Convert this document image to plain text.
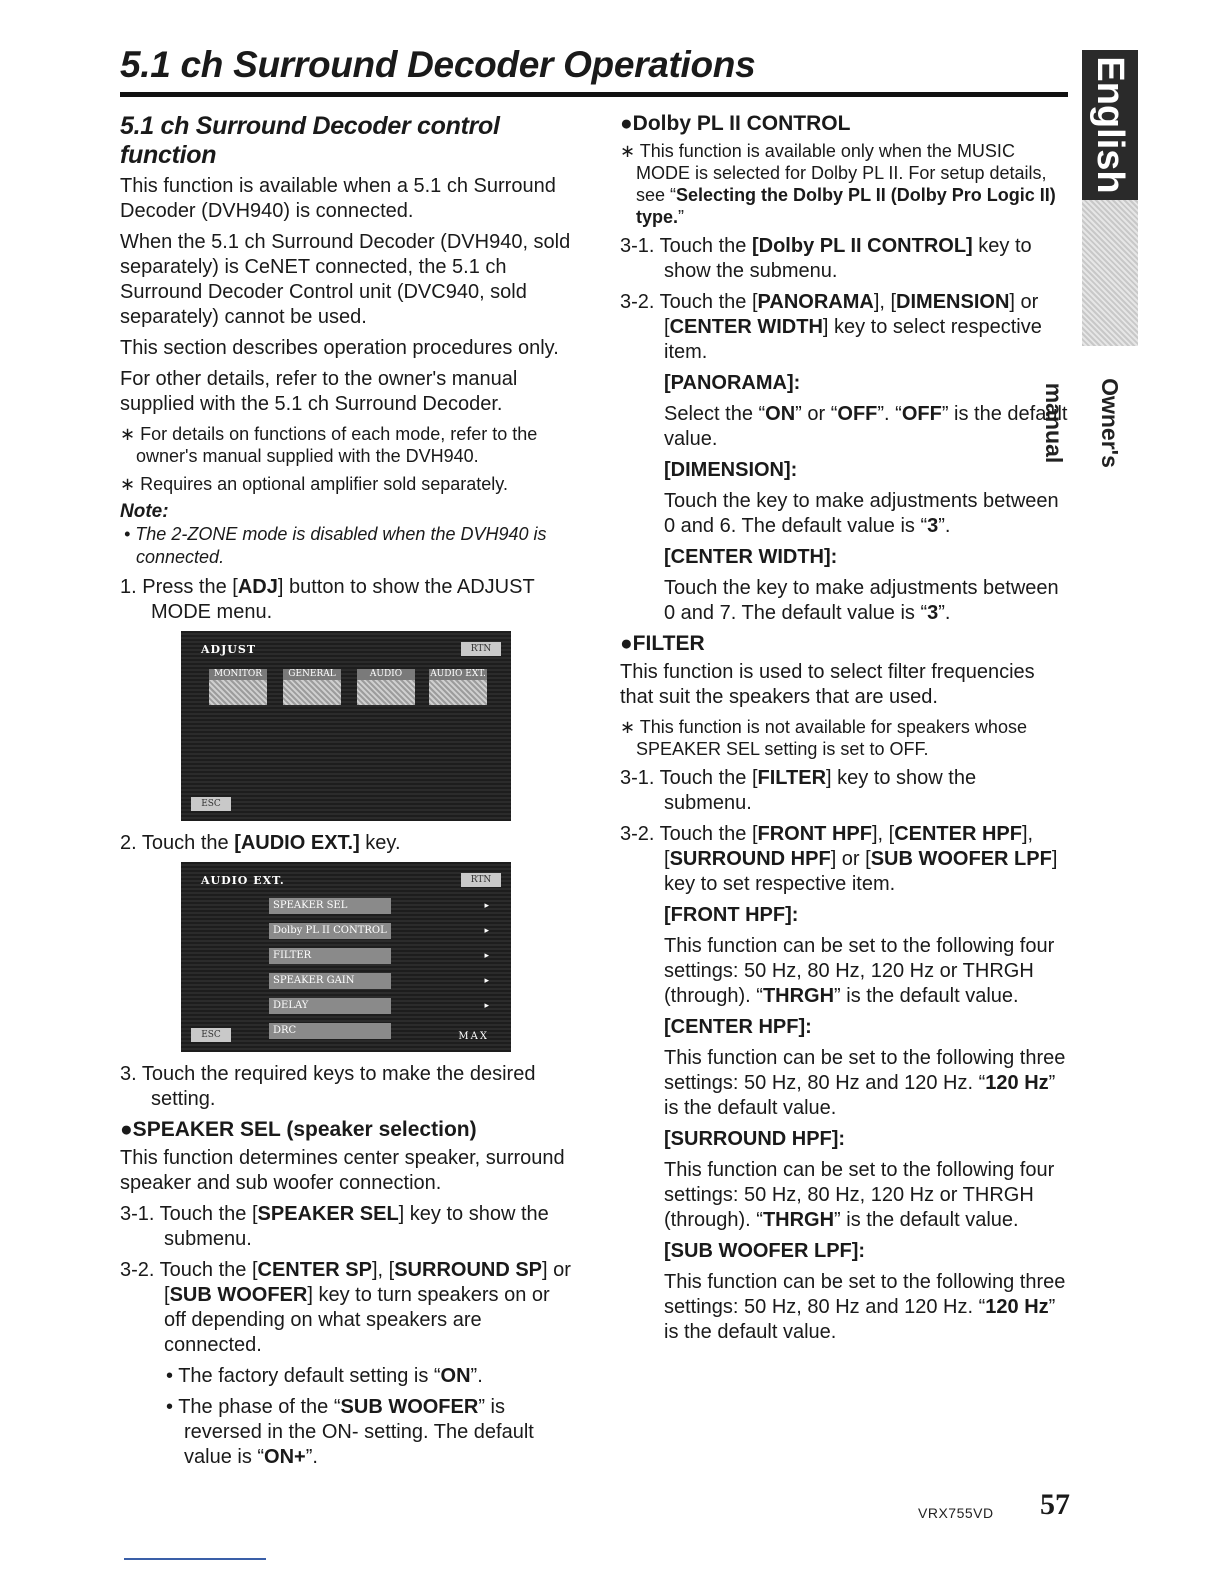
5.1 ch Surround Decoder Operations	English
Owner's manual
5.1 ch Surround Decoder control function
This function is available when a 5.1 ch Surround Decoder (DVH940) is connected.
When the 5.1 ch Surround Decoder (DVH940, sold separately) is CeNET connected, the 5.1 ch Surround Decoder Control unit (DVC940, sold separately) cannot be used.
This section describes operation procedures only.
For other details, refer to the owner's manual supplied with the 5.1 ch Surround Decoder.
∗ For details on functions of each mode, refer to the owner's manual supplied with the DVH940.
∗ Requires an optional amplifier sold separately.
Note:
• The 2-ZONE mode is disabled when the DVH940 is connected.
1. Press the [ADJ] button to show the ADJUST MODE menu.
ADJUST	RTN
MONITOR	GENERAL	AUDIO	AUDIO EXT.
ESC
2. Touch the [AUDIO EXT.] key.
AUDIO EXT.	RTN
SPEAKER SEL	▸
Dolby PL II CONTROL	▸
FILTER	▸
SPEAKER GAIN	▸
DELAY	▸
DRC
MAX
ESC
3. Touch the required keys to make the desired setting.
●SPEAKER SEL (speaker selection)
This function determines center speaker, surround speaker and sub woofer connection.
3-1. Touch the [SPEAKER SEL] key to show the submenu.
3-2. Touch the [CENTER SP], [SURROUND SP] or [SUB WOOFER] key to turn speakers on or off depending on what speakers are connected.
• The factory default setting is “ON”.
• The phase of the “SUB WOOFER” is reversed in the ON- setting. The default value is “ON+”.
●Dolby PL II CONTROL
∗ This function is available only when the MUSIC MODE is selected for Dolby PL II. For setup details, see “Selecting the Dolby PL II (Dolby Pro Logic II) type.”
3-1. Touch the [Dolby PL II CONTROL] key to show the submenu.
3-2. Touch the [PANORAMA], [DIMENSION] or [CENTER WIDTH] key to select respective item.
[PANORAMA]:
Select the “ON” or “OFF”. “OFF” is the default value.
[DIMENSION]:
Touch the key to make adjustments between 0 and 6. The default value is “3”.
[CENTER WIDTH]:
Touch the key to make adjustments between 0 and 7. The default value is “3”.
●FILTER
This function is used to select filter frequencies that suit the speakers that are used.
∗ This function is not available for speakers whose SPEAKER SEL setting is set to OFF.
3-1. Touch the [FILTER] key to show the submenu.
3-2. Touch the [FRONT HPF], [CENTER HPF], [SURROUND HPF] or [SUB WOOFER LPF] key to set respective item.
[FRONT HPF]:
This function can be set to the following four settings: 50 Hz, 80 Hz, 120 Hz or THRGH (through). “THRGH” is the default value.
[CENTER HPF]:
This function can be set to the following three settings: 50 Hz, 80 Hz and 120 Hz. “120 Hz” is the default value.
[SURROUND HPF]:
This function can be set to the following four settings: 50 Hz, 80 Hz, 120 Hz or THRGH (through). “THRGH” is the default value.
[SUB WOOFER LPF]:
This function can be set to the following three settings: 50 Hz, 80 Hz and 120 Hz. “120 Hz” is the default value.
VRX755VD 57
